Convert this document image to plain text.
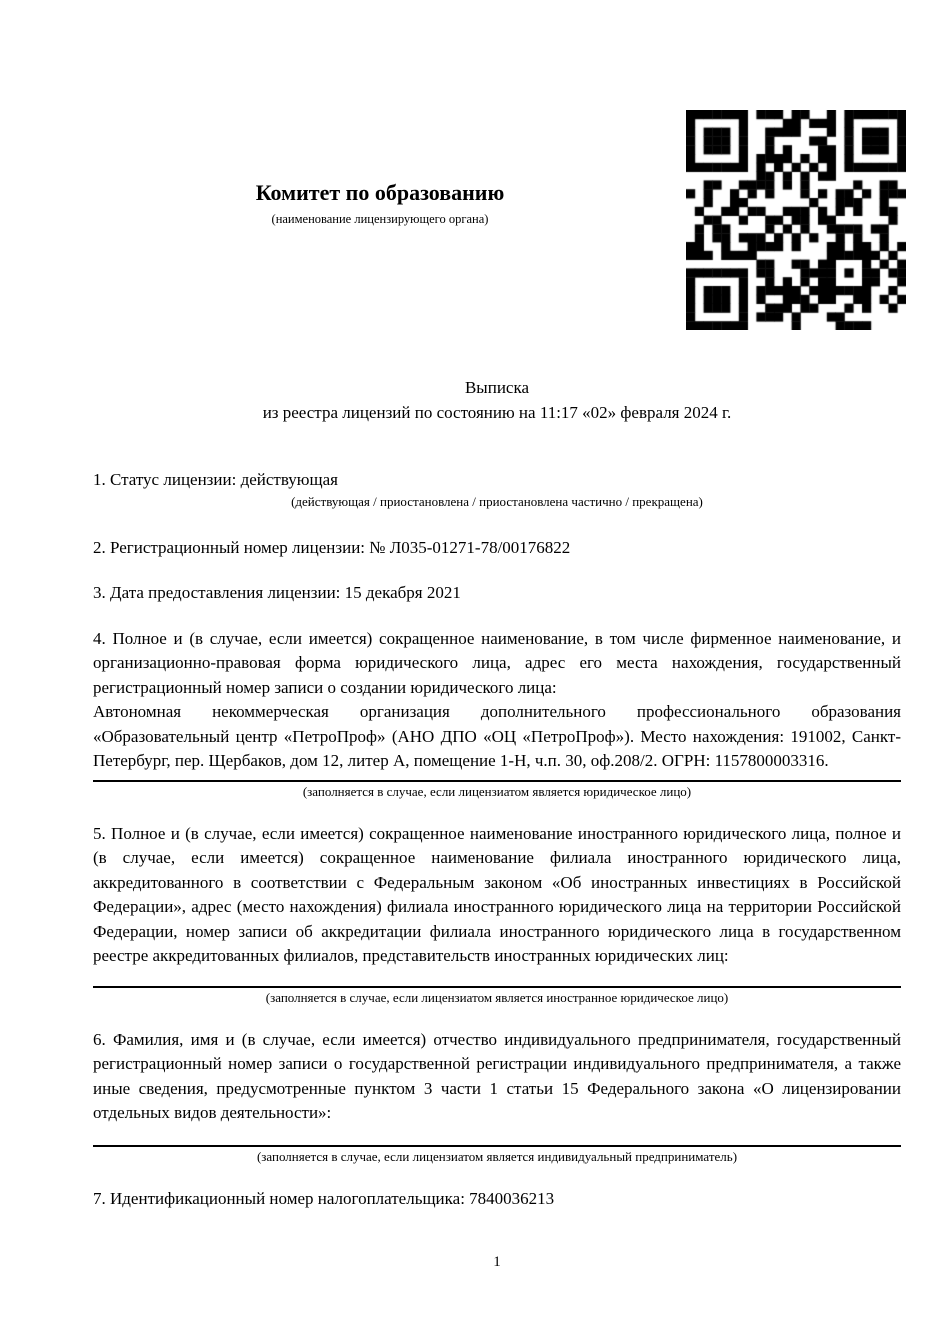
Комитет по образованию
(наименование лицензирующего органа)
Выписка
из реестра лицензий по состоянию на 11:17 «02» февраля 2024 г.

1. Статус лицензии: действующая

(действующая / приостановлена / приостановлена частично / прекращена)

2. Регистрационный номер лицензии: № Л035-01271-78/00176822

3. Дата предоставления лицензии: 15 декабря 2021

4. Полное и (в случае, если имеется) сокращенное наименование, в том числе фирменное наименование, и организационно-правовая форма юридического лица, адрес его места нахождения, государственный регистрационный номер записи о создании юридического лица:

Автономная некоммерческая организация дополнительного профессионального образования «Образовательный центр «ПетроПроф» (АНО ДПО «ОЦ «ПетроПроф»). Место нахождения: 191002, Санкт-Петербург, пер. Щербаков, дом 12, литер А, помещение 1-Н, ч.п. 30, оф.208/2. ОГРН: 1157800003316.

(заполняется в случае, если лицензиатом является юридическое лицо)

5. Полное и (в случае, если имеется) сокращенное наименование иностранного юридического лица, полное и (в случае, если имеется) сокращенное наименование филиала иностранного юридического лица, аккредитованного в соответствии с Федеральным законом «Об иностранных инвестициях в Российской Федерации», адрес (место нахождения) филиала иностранного юридического лица на территории Российской Федерации, номер записи об аккредитации филиала иностранного юридического лица в государственном реестре аккредитованных филиалов, представительств иностранных юридических лиц:

(заполняется в случае, если лицензиатом является иностранное юридическое лицо)

6. Фамилия, имя и (в случае, если имеется) отчество индивидуального предпринимателя, государственный регистрационный номер записи о государственной регистрации индивидуального предпринимателя, а также иные сведения, предусмотренные пунктом 3 части 1 статьи 15 Федерального закона «О лицензировании отдельных видов деятельности»:

(заполняется в случае, если лицензиатом является индивидуальный предприниматель)

7. Идентификационный номер налогоплательщика: 7840036213

1
